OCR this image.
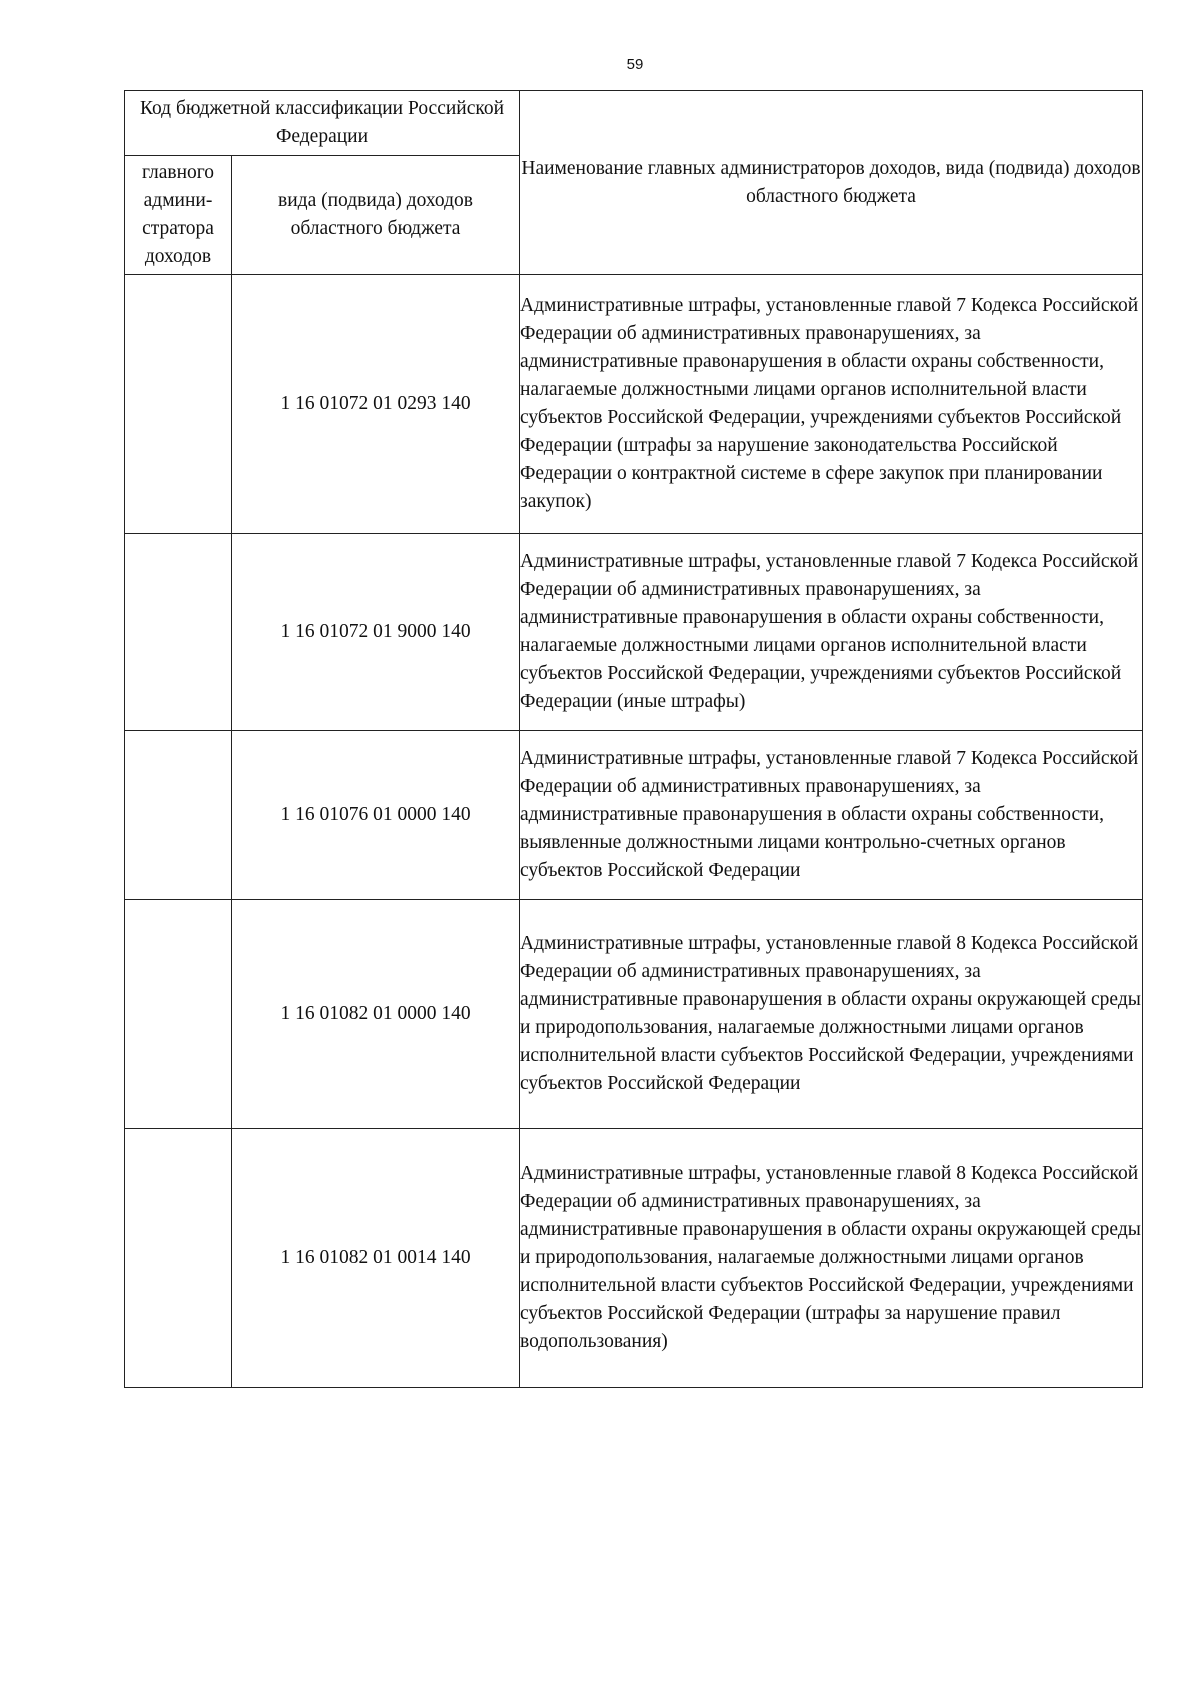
59
Код бюджетной классификации Российской Федерации		Наименование главных администраторов доходов, вида (подвида) доходов областного бюджета
главного админи-стратора доходов	вида (подвида) доходов областного бюджета	
	1 16 01072 01 0293 140	Административные штрафы, установленные главой 7 Кодекса Российской Федерации об административных правонарушениях, за административные правонарушения в области охраны собственности, налагаемые должностными лицами органов исполнительной власти субъектов Российской Федерации, учреждениями субъектов Российской Федерации (штрафы за нарушение законодательства Российской Федерации о контрактной системе в сфере закупок при планировании закупок)
	1 16 01072 01 9000 140	Административные штрафы, установленные главой 7 Кодекса Российской Федерации об административных правонарушениях, за административные правонарушения в области охраны собственности, налагаемые должностными лицами органов исполнительной власти субъектов Российской Федерации, учреждениями субъектов Российской Федерации (иные штрафы)
	1 16 01076 01 0000 140	Административные штрафы, установленные главой 7 Кодекса Российской Федерации об административных правонарушениях, за административные правонарушения в области охраны собственности, выявленные должностными лицами контрольно-счетных органов субъектов Российской Федерации
	1 16 01082 01 0000 140	Административные штрафы, установленные главой 8 Кодекса Российской Федерации об административных правонарушениях, за административные правонарушения в области охраны окружающей среды и природопользования, налагаемые должностными лицами органов исполнительной власти субъектов Российской Федерации, учреждениями субъектов Российской Федерации
	1 16 01082 01 0014 140	Административные штрафы, установленные главой 8 Кодекса Российской Федерации об административных правонарушениях, за административные правонарушения в области охраны окружающей среды и природопользования, налагаемые должностными лицами органов исполнительной власти субъектов Российской Федерации, учреждениями субъектов Российской Федерации (штрафы за нарушение правил водопользования)
